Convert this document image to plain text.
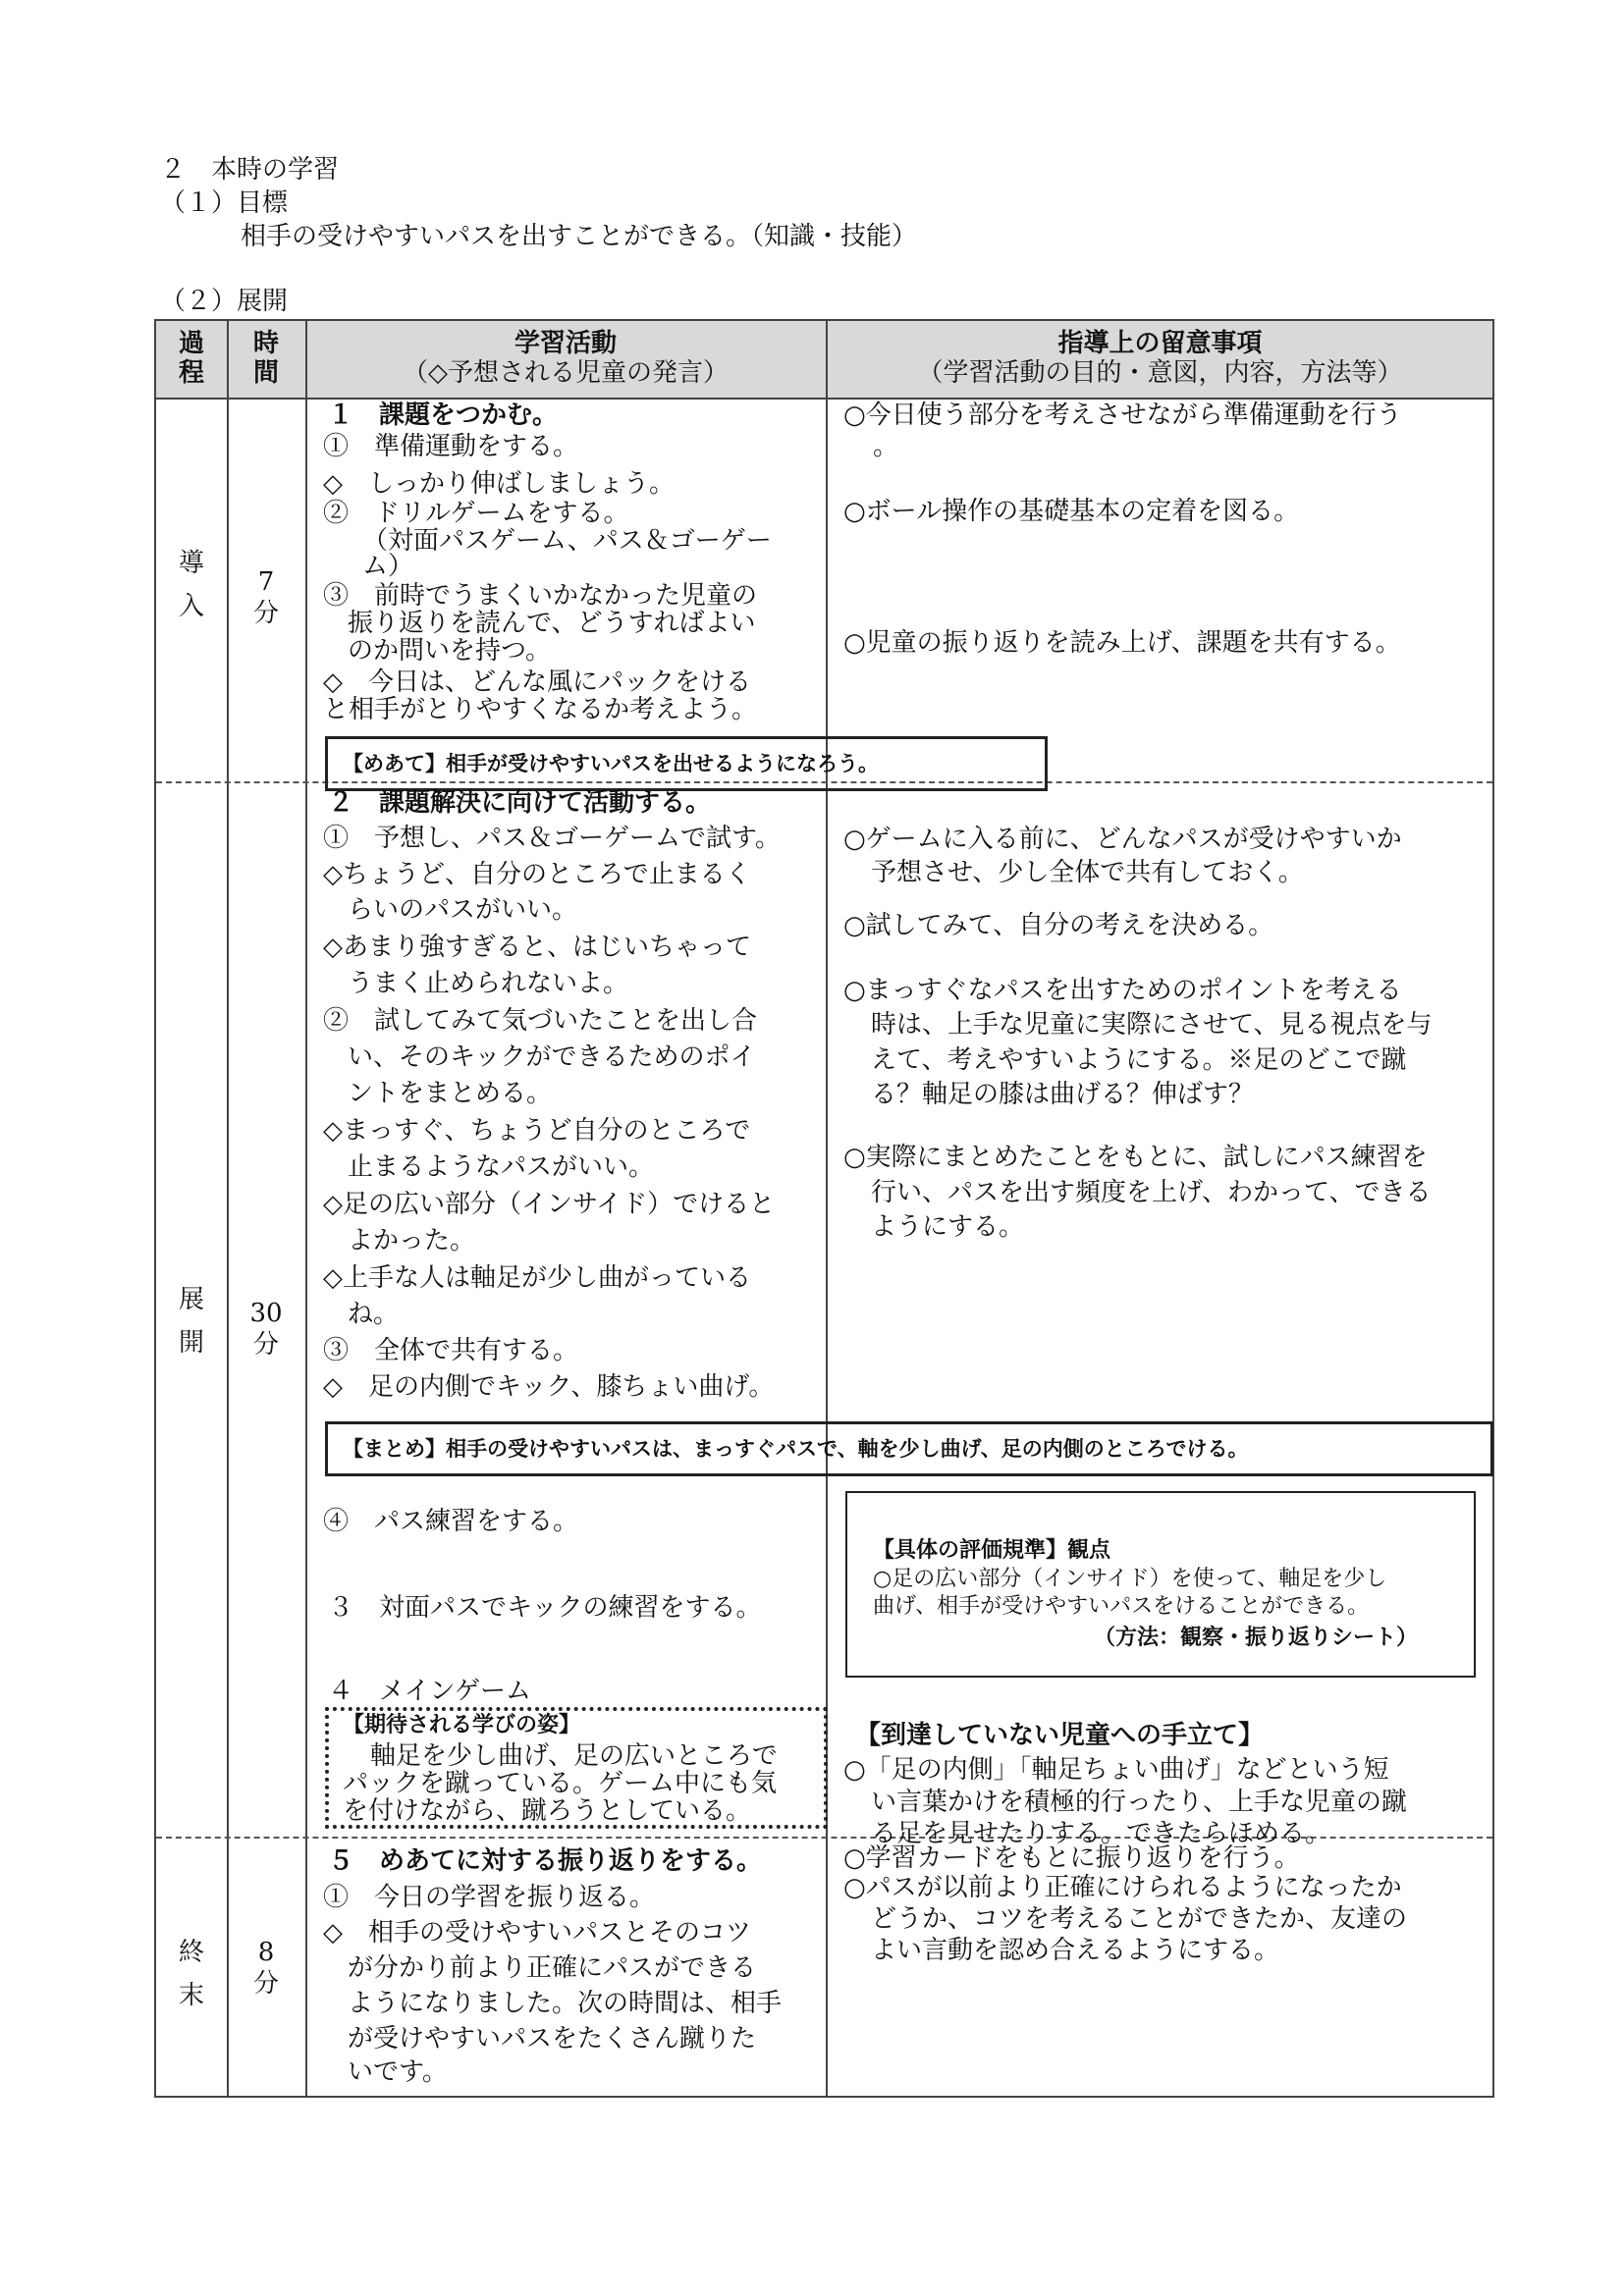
２　本時の学習
（１）目標
相手の受けやすいパスを出すことができる。（知識・技能）
（２）展開
過
程
時
間
学習活動
（◇予想される児童の発言）
指導上の留意事項
（学習活動の目的・意図，内容，方法等）
導
入
7
分
１　課題をつかむ。
①　準備運動をする。
◇　しっかり伸ばしましょう。
②　ドリルゲームをする。
（対面パスゲーム、パス＆ゴーゲー
ム）
③　前時でうまくいかなかった児童の
振り返りを読んで、どうすればよい
のか問いを持つ。
◇　今日は、どんな風にパックをける
と相手がとりやすくなるか考えよう。
○今日使う部分を考えさせながら準備運動を行う
。
○ボール操作の基礎基本の定着を図る。
○児童の振り返りを読み上げ、課題を共有する。
【めあて】相手が受けやすいパスを出せるようになろう。
展
開
30
分
２　課題解決に向けて活動する。
①　予想し、パス＆ゴーゲームで試す。
◇ちょうど、自分のところで止まるく
らいのパスがいい。
◇あまり強すぎると、はじいちゃって
うまく止められないよ。
②　試してみて気づいたことを出し合
い、そのキックができるためのポイ
ントをまとめる。
◇まっすぐ、ちょうど自分のところで
止まるようなパスがいい。
◇足の広い部分（インサイド）でけると
よかった。
◇上手な人は軸足が少し曲がっている
ね。
③　全体で共有する。
◇　足の内側でキック、膝ちょい曲げ。
○ゲームに入る前に、どんなパスが受けやすいか
予想させ、少し全体で共有しておく。
○試してみて、自分の考えを決める。
○まっすぐなパスを出すためのポイントを考える
時は、上手な児童に実際にさせて、見る視点を与
えて、考えやすいようにする。※足のどこで蹴
る？軸足の膝は曲げる？伸ばす？
○実際にまとめたことをもとに、試しにパス練習を
行い、パスを出す頻度を上げ、わかって、できる
ようにする。
【まとめ】相手の受けやすいパスは、まっすぐパスで、軸を少し曲げ、足の内側のところでける。
④　パス練習をする。
３　対面パスでキックの練習をする。
４　メインゲーム
【具体の評価規準】観点
○足の広い部分（インサイド）を使って、軸足を少し
曲げ、相手が受けやすいパスをけることができる。
（方法：観察・振り返りシート）
【期待される学びの姿】
軸足を少し曲げ、足の広いところで
パックを蹴っている。ゲーム中にも気
を付けながら、蹴ろうとしている。
【到達していない児童への手立て】
○「足の内側」「軸足ちょい曲げ」などという短
い言葉かけを積極的行ったり、上手な児童の蹴
る足を見せたりする。できたらほめる。
終
末
8
分
５　めあてに対する振り返りをする。
①　今日の学習を振り返る。
◇　相手の受けやすいパスとそのコツ
が分かり前より正確にパスができる
ようになりました。次の時間は、相手
が受けやすいパスをたくさん蹴りた
いです。
○学習カードをもとに振り返りを行う。
○パスが以前より正確にけられるようになったか
どうか、コツを考えることができたか、友達の
よい言動を認め合えるようにする。
